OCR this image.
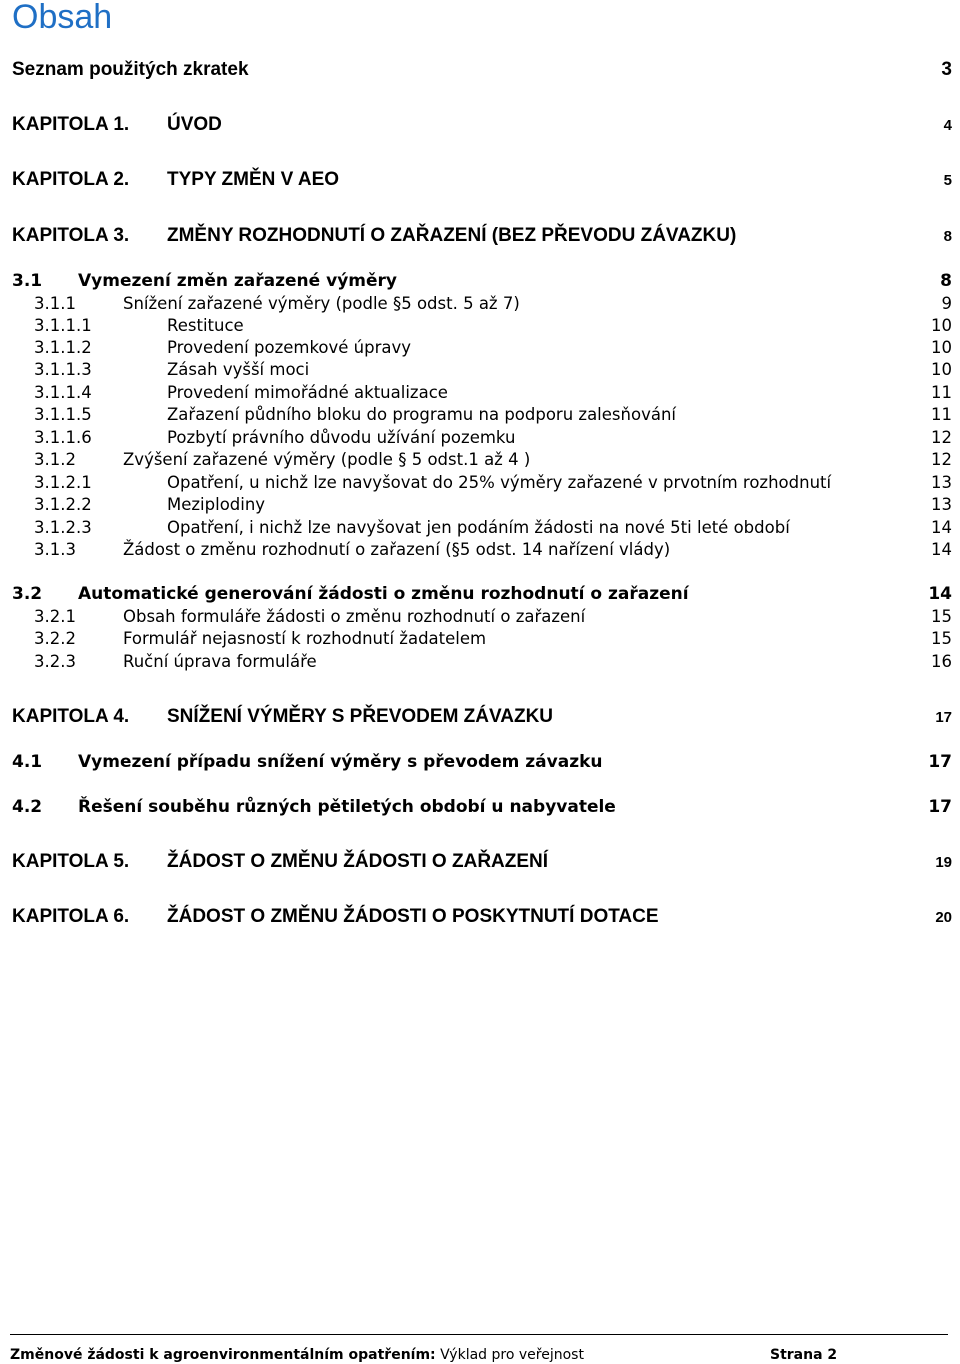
Obsah
Seznam použitých zkratek	3
KAPITOLA 1. ÚVOD	4
KAPITOLA 2. TYPY ZMĚN V AEO	5
KAPITOLA 3. ZMĚNY ROZHODNUTÍ O ZAŘAZENÍ (BEZ PŘEVODU ZÁVAZKU)	8
3.1 Vymezení změn zařazené výměry	8
3.1.1	Snížení zařazené výměry (podle §5 odst. 5 až 7)	9
3.1.1.1	Restituce	10
3.1.1.2	Provedení pozemkové úpravy	10
3.1.1.3	Zásah vyšší moci	10
3.1.1.4	Provedení mimořádné aktualizace	11
3.1.1.5	Zařazení půdního bloku do programu na podporu zalesňování	11
3.1.1.6	Pozbytí právního důvodu užívání pozemku	12
3.1.2	Zvýšení zařazené výměry (podle § 5 odst.1 až 4 )	12
3.1.2.1	Opatření, u nichž lze navyšovat do 25% výměry zařazené v prvotním rozhodnutí	13
3.1.2.2	Meziplodiny	13
3.1.2.3	Opatření, i nichž lze navyšovat jen podáním žádosti na nové 5ti leté období	14
3.1.3	Žádost o změnu rozhodnutí o zařazení (§5 odst. 14 nařízení vlády)	14
3.2 Automatické generování žádosti o změnu rozhodnutí o zařazení	14
3.2.1	Obsah formuláře žádosti o změnu rozhodnutí o zařazení	15
3.2.2	Formulář nejasností k rozhodnutí žadatelem	15
3.2.3	Ruční úprava formuláře	16
KAPITOLA 4. SNÍŽENÍ VÝMĚRY S PŘEVODEM ZÁVAZKU	17
4.1 Vymezení případu snížení výměry s převodem závazku	17
4.2 Řešení souběhu různých pětiletých období u nabyvatele	17
KAPITOLA 5. ŽÁDOST O ZMĚNU ŽÁDOSTI O ZAŘAZENÍ	19
KAPITOLA 6. ŽÁDOST O ZMĚNU ŽÁDOSTI O POSKYTNUTÍ DOTACE	20
Změnové žádosti k agroenvironmentálním opatřením: Výklad pro veřejnost	Strana 2
